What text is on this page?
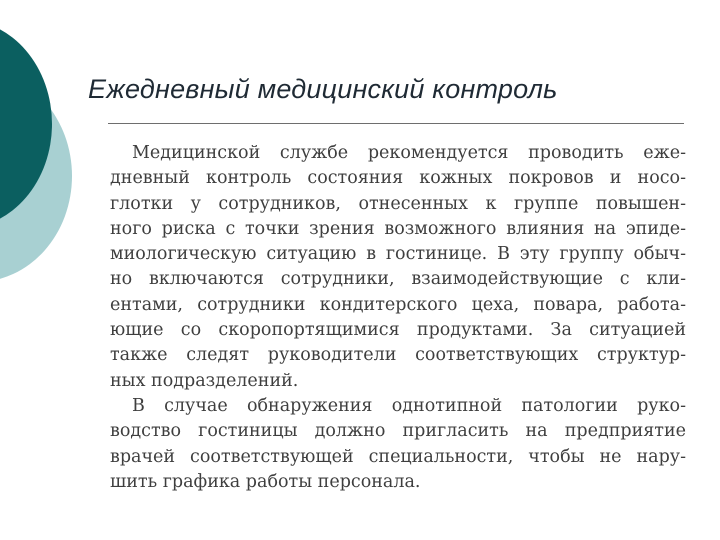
Ежедневный медицинский контроль
Медицинской службе рекомендуется проводить еже-
дневный контроль состояния кожных покровов и носо-
глотки у сотрудников, отнесенных к группе повышен-
ного риска с точки зрения возможного влияния на эпиде-
миологическую ситуацию в гостинице. В эту группу обыч-
но включаются сотрудники, взаимодействующие с кли-
ентами, сотрудники кондитерского цеха, повара, работа-
ющие со скоропортящимися продуктами. За ситуацией
также следят руководители соответствующих структур-
ных подразделений.
В случае обнаружения однотипной патологии руко-
водство гостиницы должно пригласить на предприятие
врачей соответствующей специальности, чтобы не нару-
шить графика работы персонала.
